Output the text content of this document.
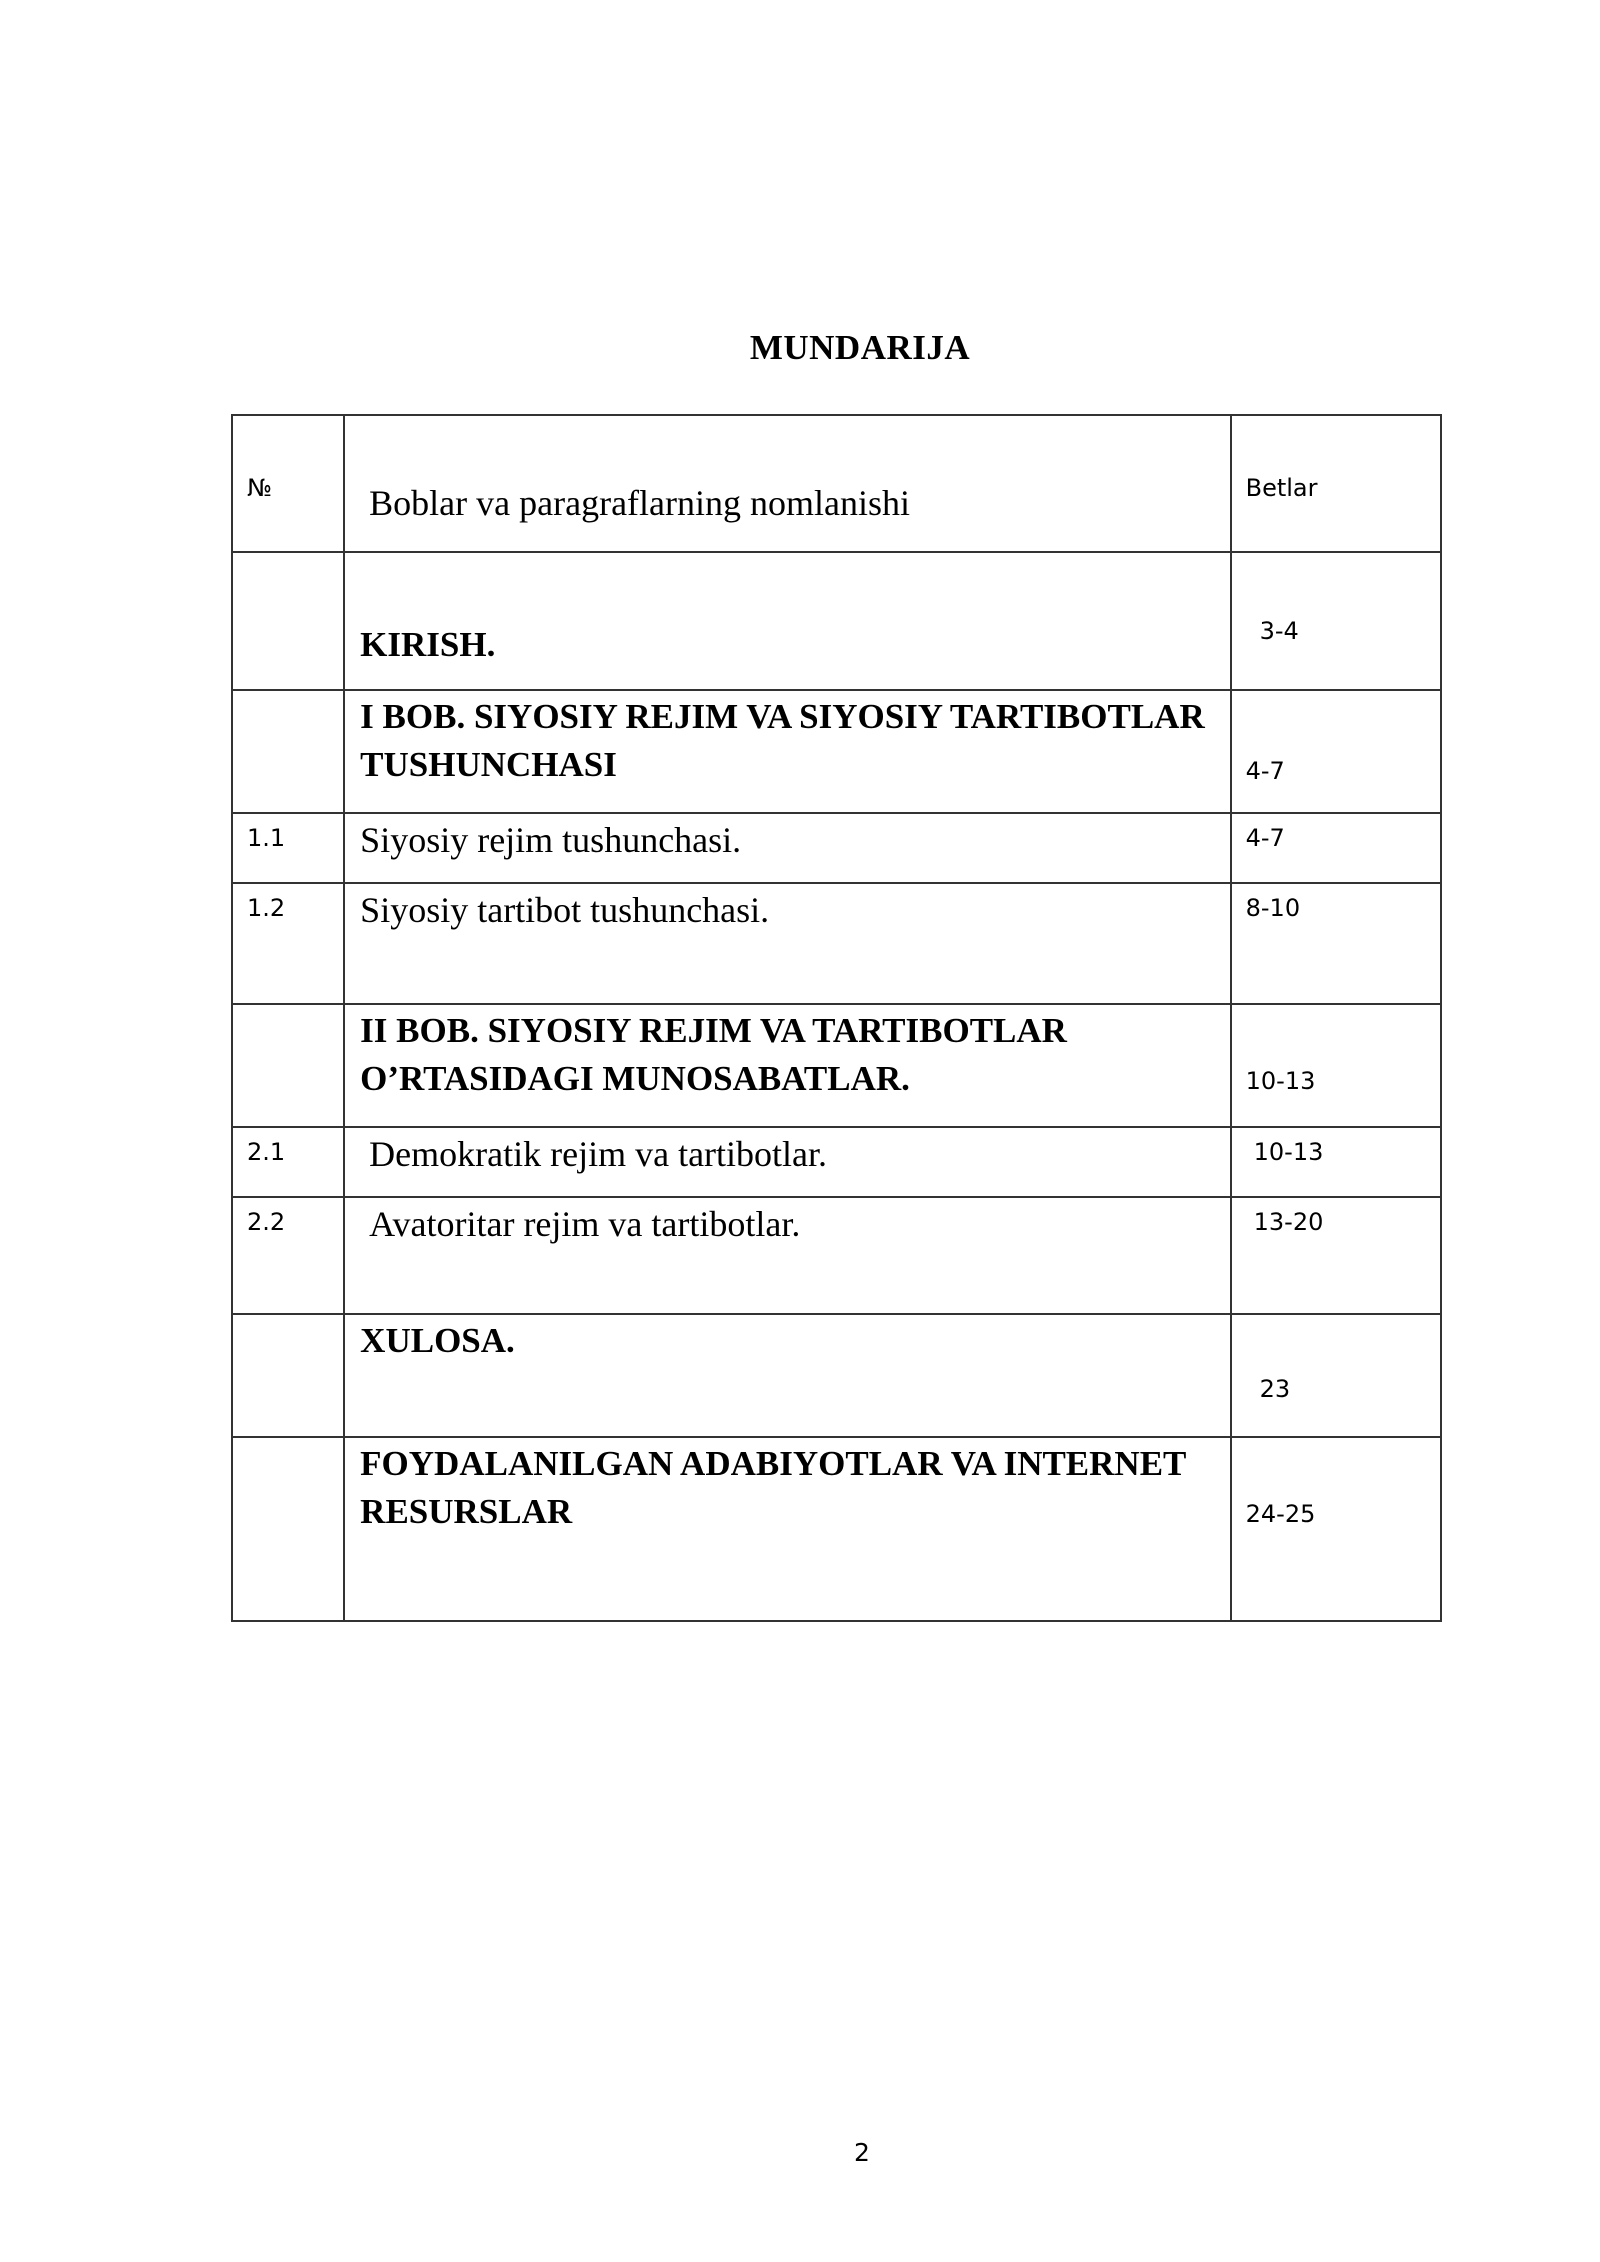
MUNDARIJA
№	Boblar va paragraflarning nomlanishi	Betlar

	KIRISH.	3-4

	I BOB. SIYOSIY REJIM VA SIYOSIY TARTIBOTLAR TUSHUNCHASI	4-7

1.1	Siyosiy rejim tushunchasi.	4-7

1.2	Siyosiy tartibot tushunchasi.	8-10

	II BOB. SIYOSIY REJIM VA TARTIBOTLAR O’RTASIDAGI MUNOSABATLAR.	10-13

2.1	Demokratik rejim va tartibotlar.	10-13

2.2	Avatoritar rejim va tartibotlar.	13-20

	XULOSA.	23

	FOYDALANILGAN ADABIYOTLAR VA INTERNET RESURSLAR	24-25
2
